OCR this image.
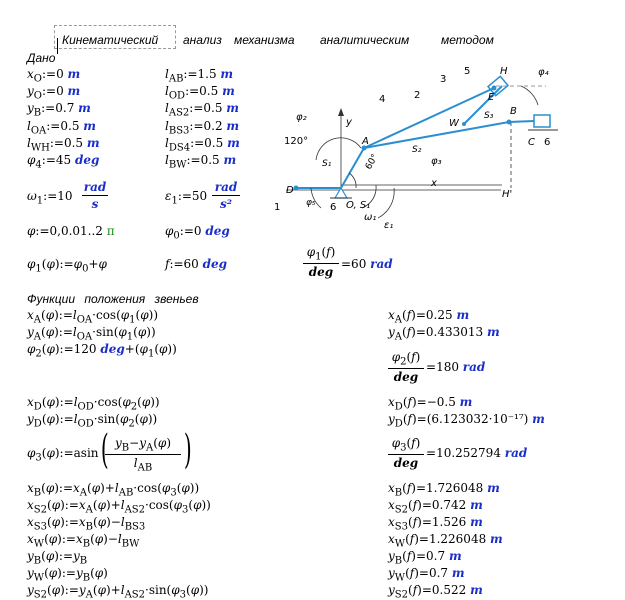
Кинематический анализ механизма аналитическим	методом
Дано
$x_O:=0$ m
$y_O:=0$ m
$y_B:=0.7$ m
$l_{OA}:=0.5$ m
$l_{WH}:=0.5$ m
$\varphi_4:=45$ deg
$l_{AB}:=1.5$ m
$l_{OD}:=0.5$ m
$l_{AS2}:=0.5$ m
$l_{BS3}:=0.2$ m
$l_{DS4}:=0.5$ m
$l_{BW}:=0.5$ m
$\omega_1:=10$
rad
s
$\varepsilon_1:=50$
rad
s²
φ:=0,0.01..2 π	$\varphi_0:=0$ deg
$\varphi_1(\varphi):=\varphi_0+\varphi$	f:=60 deg
$\varphi_1(f)$
deg
=60 rad
Функции положения звеньев
$x_A(\varphi):=l_{OA}\cdot\cos(\varphi_1(\varphi))$
$y_A(\varphi):=l_{OA}\cdot\sin(\varphi_1(\varphi))$
$\varphi_2(\varphi):=120$ $deg+(\varphi_1(\varphi))$
$x_D(\varphi):=l_{OD}\cdot\cos(\varphi_2(\varphi))$
$y_D(\varphi):=l_{OD}\cdot\sin(\varphi_2(\varphi))$
$\varphi_3(\varphi):=asin$ ( $y_B-y_A(\varphi)$
$l_{AB}$ )
$x_B(\varphi):=x_A(\varphi)+l_{AB}\cdot\cos(\varphi_3(\varphi))$
$x_{S2}(\varphi):=x_A(\varphi)+l_{AS2}\cdot\cos(\varphi_3(\varphi))$
$x_{S3}(\varphi):=x_B(\varphi)-l_{BS3}$
$x_W(\varphi):=x_B(\varphi)-l_{BW}$
$y_B(\varphi):=y_B$
$y_W(\varphi):=y_B(\varphi)$
$y_{S2}(\varphi):=y_A(\varphi)+l_{AS2}\cdot\sin(\varphi_3(\varphi))$
$x_A(f)=0.25$ m
$y_A(f)=0.433013$ m
$\varphi_2(f)$
deg
=180 rad
$x_D(f)=-0.5$ m
$y_D(f)=(6.123032\cdot 10^{-17})$ m
$\varphi_3(f)$
deg
=10.252794 rad
$x_B(f)=1.726048$ m
$x_{S2}(f)=0.742$ m
$x_{S3}(f)=1.526$ m
$x_W(f)=1.226048$ m
$y_B(f)=0.7$ m
$y_W(f)=0.7$ m
$y_{S2}(f)=0.522$ m
φ₄
5	H
E
B
C 6
4	2
3
y
A
W
S₃
φ₂
120°
S₁
S₂
φ₃
60°
D
1	φ₅ 6 O, S₁
x
H'
ω₁
ε₁
